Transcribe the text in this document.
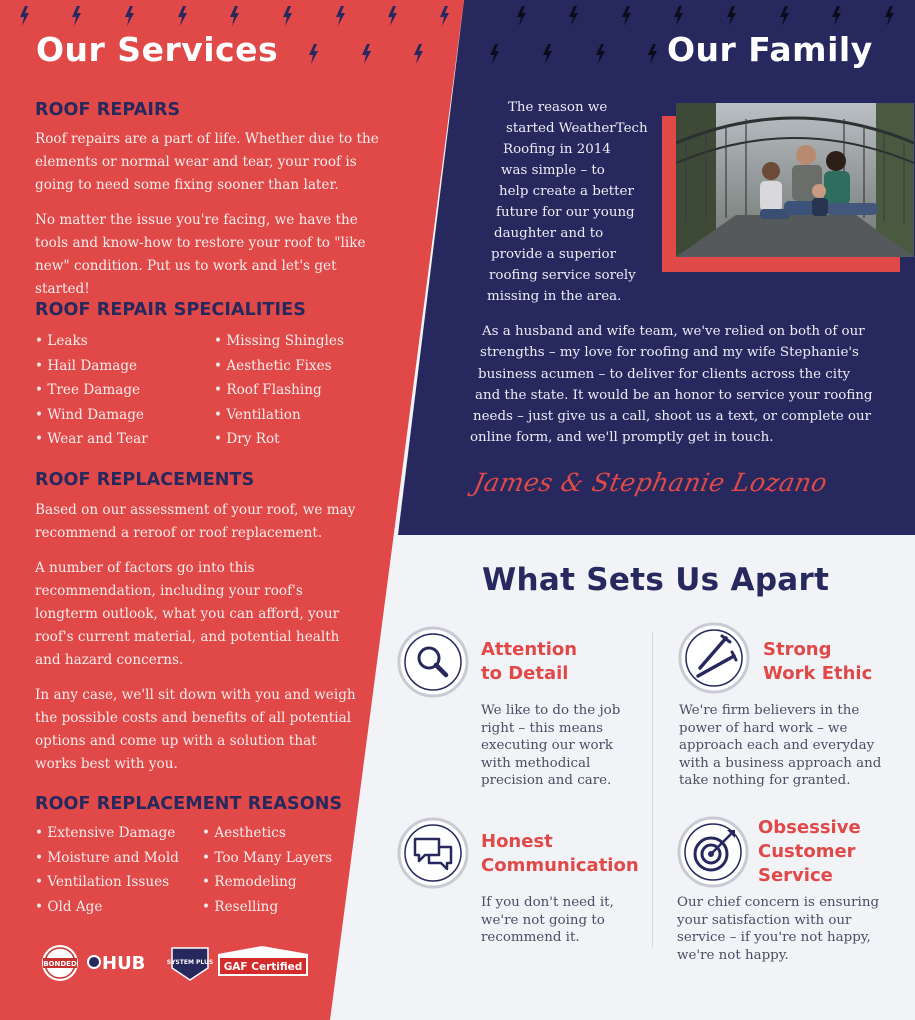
Our Services
ROOF REPAIRS

Roof repairs are a part of life. Whether due to the elements or normal wear and tear, your roof is going to need some fixing sooner than later.

No matter the issue you're facing, we have the tools and know-how to restore your roof to "like new" condition. Put us to work and let's get started!

ROOF REPAIR SPECIALITIES
• Leaks
• Hail Damage
• Tree Damage
• Wind Damage
• Wear and Tear
• Missing Shingles
• Aesthetic Fixes
• Roof Flashing
• Ventilation
• Dry Rot
ROOF REPLACEMENTS

Based on our assessment of your roof, we may recommend a reroof or roof replacement.

A number of factors go into this recommendation, including your roof's longterm outlook, what you can afford, your roof's current material, and potential health and hazard concerns.

In any case, we'll sit down with you and weigh the possible costs and benefits of all potential options and come up with a solution that works best with you.

ROOF REPLACEMENT REASONS
• Extensive Damage
• Moisture and Mold
• Ventilation Issues
• Old Age
• Aesthetics
• Too Many Layers
• Remodeling
• Reselling
BONDED HUB	SYSTEM PLUS GAF Certified
Our Family
The reason we
started WeatherTech
Roofing in 2014
was simple – to
help create a better
future for our young
daughter and to
provide a superior
roofing service sorely
missing in the area.
As a husband and wife team, we've relied on both of our
strengths – my love for roofing and my wife Stephanie's
business acumen – to deliver for clients across the city
and the state. It would be an honor to service your roofing
needs – just give us a call, shoot us a text, or complete our
online form, and we'll promptly get in touch.
James & Stephanie Lozano
What Sets Us Apart
Attention
to Detail
We like to do the job
right – this means
executing our work
with methodical
precision and care.
Strong
Work Ethic
We're firm believers in the
power of hard work – we
approach each and everyday
with a business approach and
take nothing for granted.
Honest
Communication
If you don't need it,
we're not going to
recommend it.
Obsessive
Customer
Service
Our chief concern is ensuring
your satisfaction with our
service – if you're not happy,
we're not happy.
